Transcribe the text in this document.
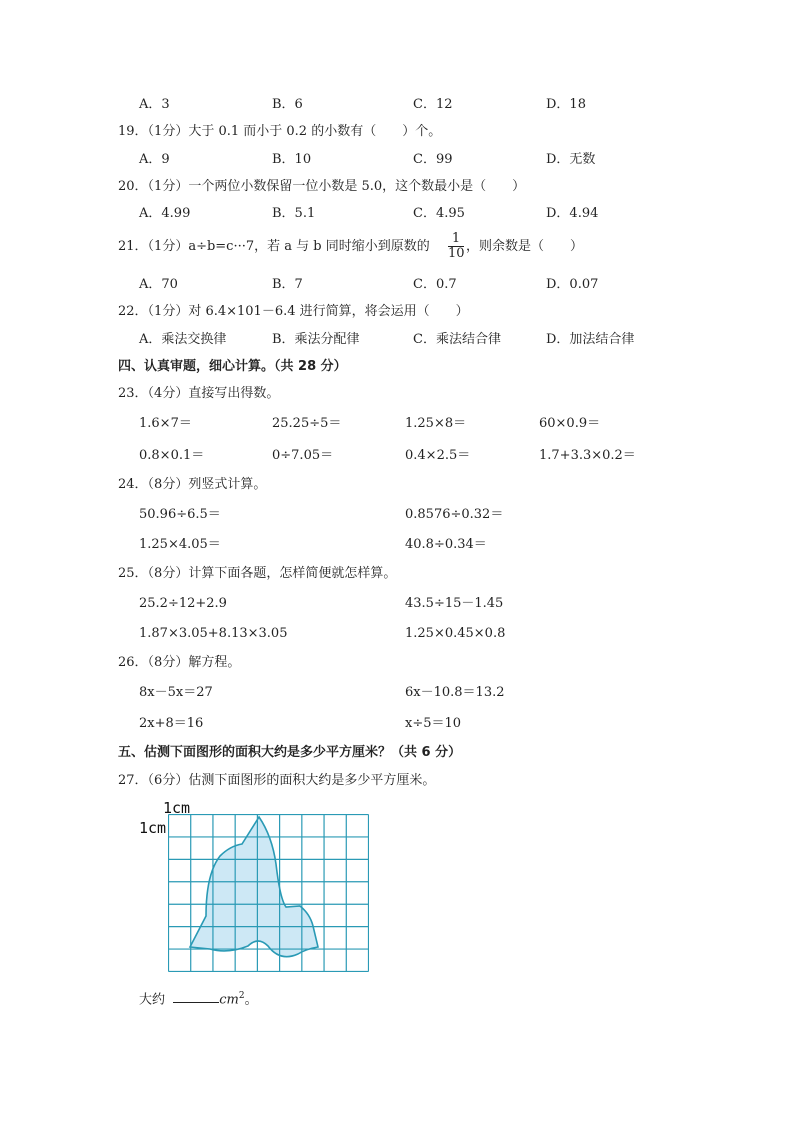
A．3	B．6	C．12	D．18
19．（1分）大于 0.1 而小于 0.2 的小数有（　　）个。
A．9	B．10	C．99	D．无数
20．（1分）一个两位小数保留一位小数是 5.0，这个数最小是（　　）
A．4.99	B．5.1	C．4.95	D．4.94
21．（1分）a÷b=c···7，若 a 与 b 同时缩小到原数的 $\frac{1}{10}$ ，则余数是（　　）
A．70	B．7	C．0.7	D．0.07
22．（1分）对 6.4×101－6.4 进行简算，将会运用（　　）
A．乘法交换律	B．乘法分配律	C．乘法结合律	D．加法结合律
四、认真审题，细心计算。（共 28 分）
23．（4分）直接写出得数。
1.6×7＝	25.25÷5＝	1.25×8＝	60×0.9＝
0.8×0.1＝	0÷7.05＝	0.4×2.5＝	1.7+3.3×0.2＝
24．（8分）列竖式计算。
50.96÷6.5＝	0.8576÷0.32＝
1.25×4.05＝	40.8÷0.34＝
25．（8分）计算下面各题，怎样简便就怎样算。
25.2÷12+2.9	43.5÷15－1.45
1.87×3.05+8.13×3.05	1.25×0.45×0.8
26．（8分）解方程。
8x－5x＝27	6x－10.8＝13.2
2x+8＝16	x÷5＝10
五、估测下面图形的面积大约是多少平方厘米？（共 6 分）
27．（6分）估测下面图形的面积大约是多少平方厘米。
1cm
1cm
大约	$cm^2$。
